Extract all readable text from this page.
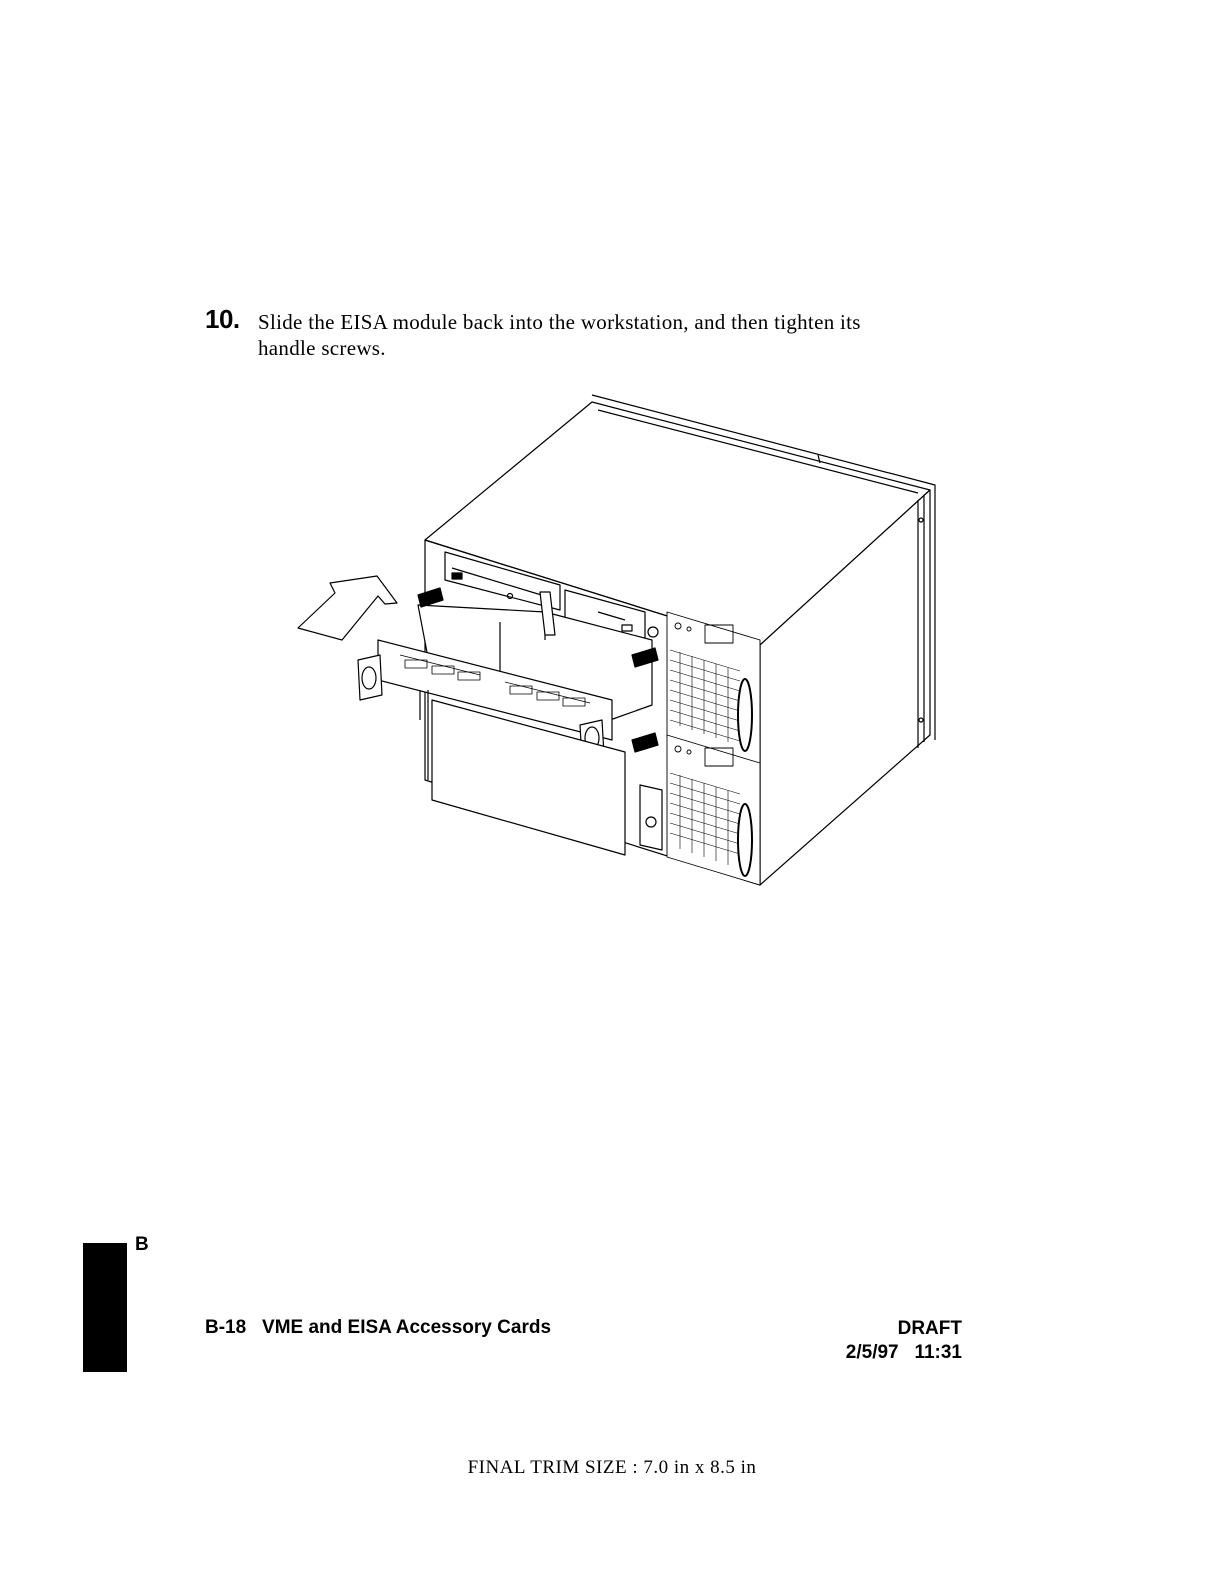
10. Slide the EISA module back into the workstation, and then tighten its
handle screws.
B
B-18 VME and EISA Accessory Cards	DRAFT
2/5/97 11:31
FINAL TRIM SIZE : 7.0 in x 8.5 in
